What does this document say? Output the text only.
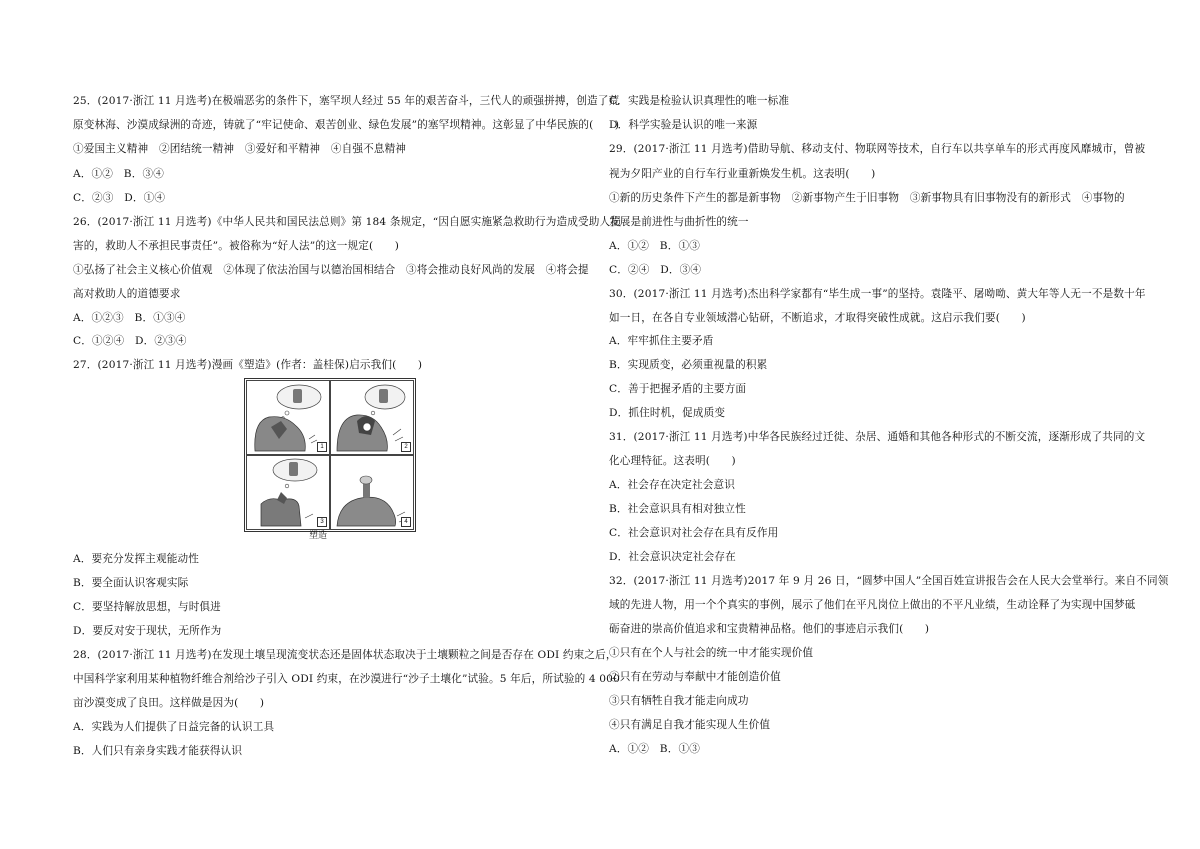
25．(2017·浙江 11 月选考)在极端恶劣的条件下，塞罕坝人经过 55 年的艰苦奋斗，三代人的顽强拼搏，创造了荒
原变林海、沙漠成绿洲的奇迹，铸就了“牢记使命、艰苦创业、绿色发展”的塞罕坝精神。这彰显了中华民族的(　　)
①爱国主义精神　②团结统一精神　③爱好和平精神　④自强不息精神
A．①②　B．③④
C．②③　D．①④
26．(2017·浙江 11 月选考)《中华人民共和国民法总则》第 184 条规定，“因自愿实施紧急救助行为造成受助人损
害的，救助人不承担民事责任”。被俗称为“好人法”的这一规定(　　)
①弘扬了社会主义核心价值观　②体现了依法治国与以德治国相结合　③将会推动良好风尚的发展　④将会提
高对救助人的道德要求
A．①②③　B．①③④
C．①②④　D．②③④
27．(2017·浙江 11 月选考)漫画《塑造》(作者：盖桂保)启示我们(　　)
A．要充分发挥主观能动性
B．要全面认识客观实际
C．要坚持解放思想，与时俱进
D．要反对安于现状，无所作为
28．(2017·浙江 11 月选考)在发现土壤呈现流变状态还是固体状态取决于土壤颗粒之间是否存在 ODI 约束之后，
中国科学家利用某种植物纤维合剂给沙子引入 ODI 约束，在沙漠进行“沙子土壤化”试验。5 年后，所试验的 4 000
亩沙漠变成了良田。这样做是因为(　　)
A．实践为人们提供了日益完备的认识工具
B．人们只有亲身实践才能获得认识
1	2
3	4
塑造
C．实践是检验认识真理性的唯一标准
D．科学实验是认识的唯一来源
29．(2017·浙江 11 月选考)借助导航、移动支付、物联网等技术，自行车以共享单车的形式再度风靡城市，曾被
视为夕阳产业的自行车行业重新焕发生机。这表明(　　)
①新的历史条件下产生的都是新事物　②新事物产生于旧事物　③新事物具有旧事物没有的新形式　④事物的
发展是前进性与曲折性的统一
A．①②　B．①③
C．②④　D．③④
30．(2017·浙江 11 月选考)杰出科学家都有“毕生成一事”的坚持。袁隆平、屠呦呦、黄大年等人无一不是数十年
如一日，在各自专业领域潜心钻研，不断追求，才取得突破性成就。这启示我们要(　　)
A．牢牢抓住主要矛盾
B．实现质变，必须重视量的积累
C．善于把握矛盾的主要方面
D．抓住时机，促成质变
31．(2017·浙江 11 月选考)中华各民族经过迁徙、杂居、通婚和其他各种形式的不断交流，逐渐形成了共同的文
化心理特征。这表明(　　)
A．社会存在决定社会意识
B．社会意识具有相对独立性
C．社会意识对社会存在具有反作用
D．社会意识决定社会存在
32．(2017·浙江 11 月选考)2017 年 9 月 26 日，“圆梦中国人”全国百姓宣讲报告会在人民大会堂举行。来自不同领
域的先进人物，用一个个真实的事例，展示了他们在平凡岗位上做出的不平凡业绩，生动诠释了为实现中国梦砥
砺奋进的崇高价值追求和宝贵精神品格。他们的事迹启示我们(　　)
①只有在个人与社会的统一中才能实现价值
②只有在劳动与奉献中才能创造价值
③只有牺牲自我才能走向成功
④只有满足自我才能实现人生价值
A．①②　B．①③
